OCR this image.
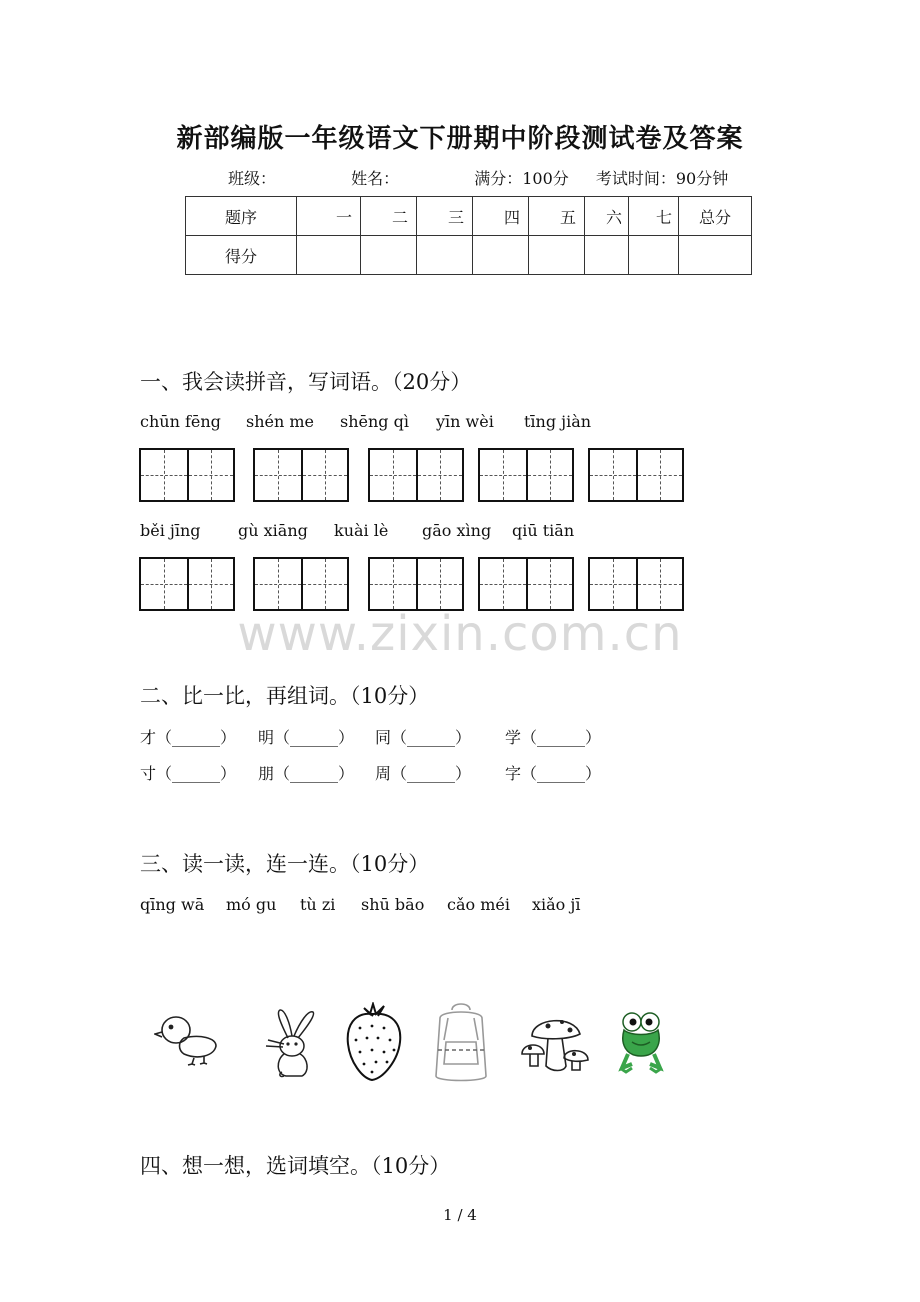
新部编版一年级语文下册期中阶段测试卷及答案
班级：	姓名：	满分：100分 考试时间：90分钟
题序	一	二	三	四	五	六	七	总分
得分								
一、我会读拼音，写词语。（20分）
chūn fēng shén me shēng qì yīn wèi tīng jiàn
běi jīng gù xiāng kuài lè gāo xìng qiū tiān
www.zixin.com.cn
二、比一比，再组词。（10分）
才（______） 明（______） 同（______） 学（______）
寸（______） 朋（______） 周（______） 字（______）
三、读一读，连一连。（10分）
qīng wā mó gu tù zi shū bāo cǎo méi xiǎo jī
四、想一想，选词填空。（10分）
1 / 4
